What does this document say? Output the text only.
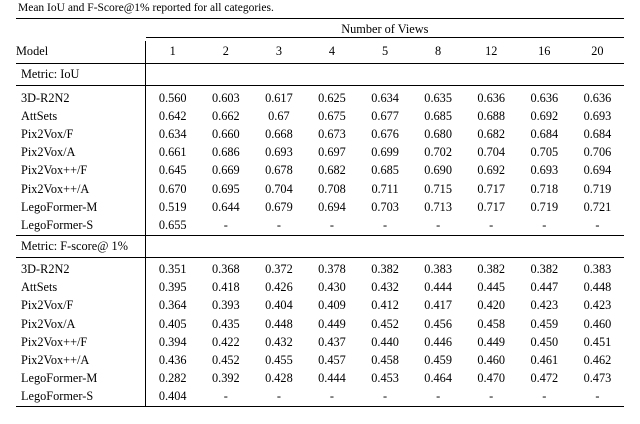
Mean IoU and F-Score@1% reported for all categories.
	Number of Views								

Model	1	2	3	4	5	8	12	16	20
Metric: IoU									

3D-R2N2	0.560	0.603	0.617	0.625	0.634	0.635	0.636	0.636	0.636
AttSets	0.642	0.662	0.67	0.675	0.677	0.685	0.688	0.692	0.693
Pix2Vox/F	0.634	0.660	0.668	0.673	0.676	0.680	0.682	0.684	0.684
Pix2Vox/A	0.661	0.686	0.693	0.697	0.699	0.702	0.704	0.705	0.706
Pix2Vox++/F	0.645	0.669	0.678	0.682	0.685	0.690	0.692	0.693	0.694
Pix2Vox++/A	0.670	0.695	0.704	0.708	0.711	0.715	0.717	0.718	0.719
LegoFormer-M	0.519	0.644	0.679	0.694	0.703	0.713	0.717	0.719	0.721
LegoFormer-S	0.655	-	-	-	-	-	-	-	-
Metric: F-score@ 1%									

3D-R2N2	0.351	0.368	0.372	0.378	0.382	0.383	0.382	0.382	0.383
AttSets	0.395	0.418	0.426	0.430	0.432	0.444	0.445	0.447	0.448
Pix2Vox/F	0.364	0.393	0.404	0.409	0.412	0.417	0.420	0.423	0.423
Pix2Vox/A	0.405	0.435	0.448	0.449	0.452	0.456	0.458	0.459	0.460
Pix2Vox++/F	0.394	0.422	0.432	0.437	0.440	0.446	0.449	0.450	0.451
Pix2Vox++/A	0.436	0.452	0.455	0.457	0.458	0.459	0.460	0.461	0.462
LegoFormer-M	0.282	0.392	0.428	0.444	0.453	0.464	0.470	0.472	0.473
LegoFormer-S	0.404	-	-	-	-	-	-	-	-
